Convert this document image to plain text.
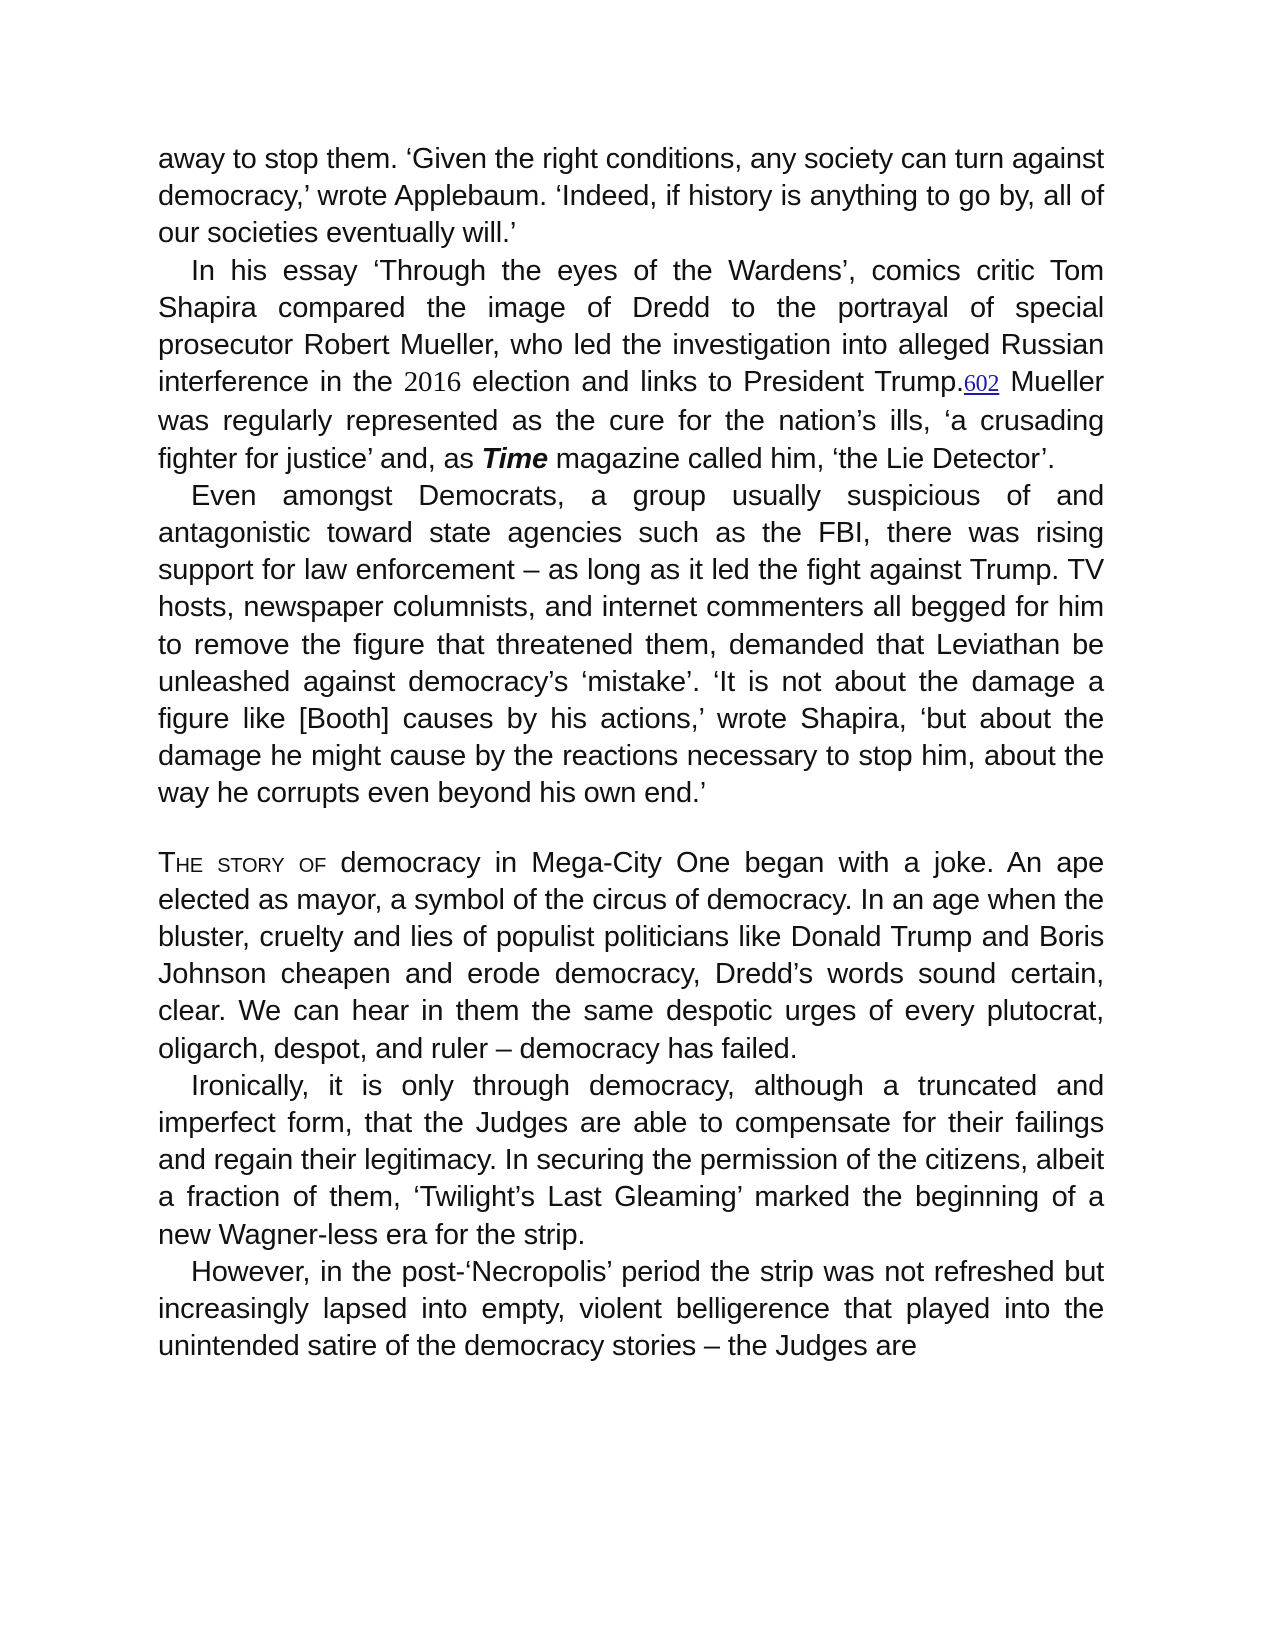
away to stop them. ‘Given the right conditions, any society can turn against democracy,’ wrote Applebaum. ‘Indeed, if history is anything to go by, all of our societies eventually will.’

In his essay ‘Through the eyes of the Wardens’, comics critic Tom Shapira compared the image of Dredd to the portrayal of special prosecutor Robert Mueller, who led the investigation into alleged Russian interference in the 2016 election and links to President Trump.602 Mueller was regularly represented as the cure for the nation’s ills, ‘a crusading fighter for justice’ and, as Time magazine called him, ‘the Lie Detector’.

Even amongst Democrats, a group usually suspicious of and antagonistic toward state agencies such as the FBI, there was rising support for law enforcement – as long as it led the fight against Trump. TV hosts, newspaper columnists, and internet commenters all begged for him to remove the figure that threatened them, demanded that Leviathan be unleashed against democracy’s ‘mistake’. ‘It is not about the damage a figure like [Booth] causes by his actions,’ wrote Shapira, ‘but about the damage he might cause by the reactions necessary to stop him, about the way he corrupts even beyond his own end.’

The story of democracy in Mega-City One began with a joke. An ape elected as mayor, a symbol of the circus of democracy. In an age when the bluster, cruelty and lies of populist politicians like Donald Trump and Boris Johnson cheapen and erode democracy, Dredd’s words sound certain, clear. We can hear in them the same despotic urges of every plutocrat, oligarch, despot, and ruler – democracy has failed.

Ironically, it is only through democracy, although a truncated and imperfect form, that the Judges are able to compensate for their failings and regain their legitimacy. In securing the permission of the citizens, albeit a fraction of them, ‘Twilight’s Last Gleaming’ marked the beginning of a new Wagner-less era for the strip.

However, in the post-‘Necropolis’ period the strip was not refreshed but increasingly lapsed into empty, violent belligerence that played into the unintended satire of the democracy stories – the Judges are
